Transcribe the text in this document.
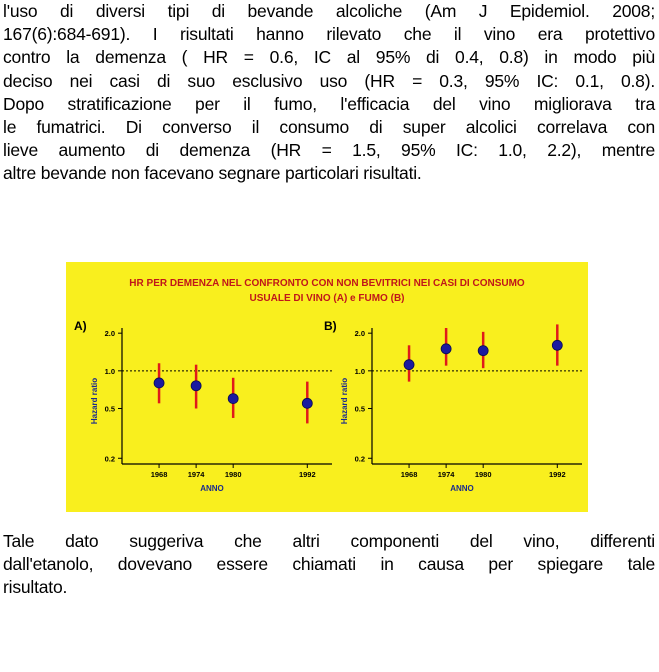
l'uso di diversi tipi di bevande alcoliche (Am J Epidemiol. 2008;
167(6):684-691). I risultati hanno rilevato che il vino era protettivo
contro la demenza ( HR = 0.6, IC al 95% di 0.4, 0.8) in modo più
deciso nei casi di suo esclusivo uso (HR = 0.3, 95% IC: 0.1, 0.8).
Dopo stratificazione per il fumo, l'efficacia del vino migliorava tra
le fumatrici. Di converso il consumo di super alcolici correlava con
lieve aumento di demenza (HR = 1.5, 95% IC: 1.0, 2.2), mentre
altre bevande non facevano segnare particolari risultati.

HR PER DEMENZA NEL CONFRONTO CON NON BEVITRICI NEI CASI DI CONSUMO
USUALE DI VINO (A) e FUMO (B)
A)
2.0
1.0
0.5
0.2
1968	1974	1980	1992
ANNO
Hazard ratio
B)
2.0
1.0
0.5
0.2
1968	1974	1980	1992
ANNO
Hazard ratio

Tale dato suggeriva che altri componenti del vino, differenti
dall'etanolo, dovevano essere chiamati in causa per spiegare tale
risultato.
